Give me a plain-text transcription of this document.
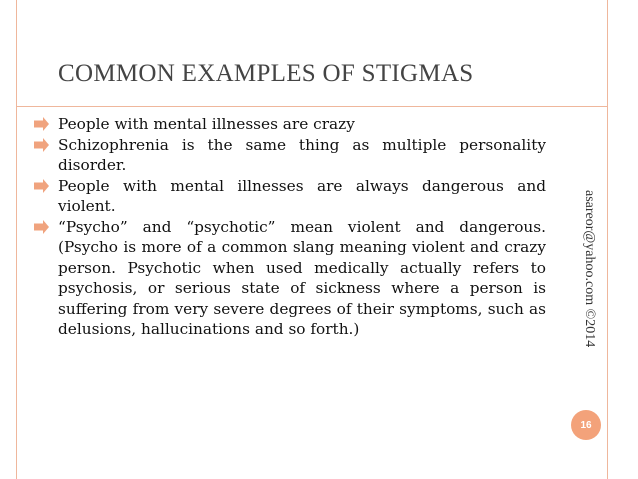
COMMON EXAMPLES OF STIGMAS
People with mental illnesses are crazy
Schizophrenia is the same thing as multiple personality disorder.
People with mental illnesses are always dangerous and violent.
“Psycho” and “psychotic” mean violent and dangerous. (Psycho is more of a common slang meaning violent and crazy person. Psychotic when used medically actually refers to psychosis, or serious state of sickness where a person is suffering from very severe degrees of their symptoms, such as delusions, hallucinations and so forth.)	asareor@yahoo.com ©2014
16
